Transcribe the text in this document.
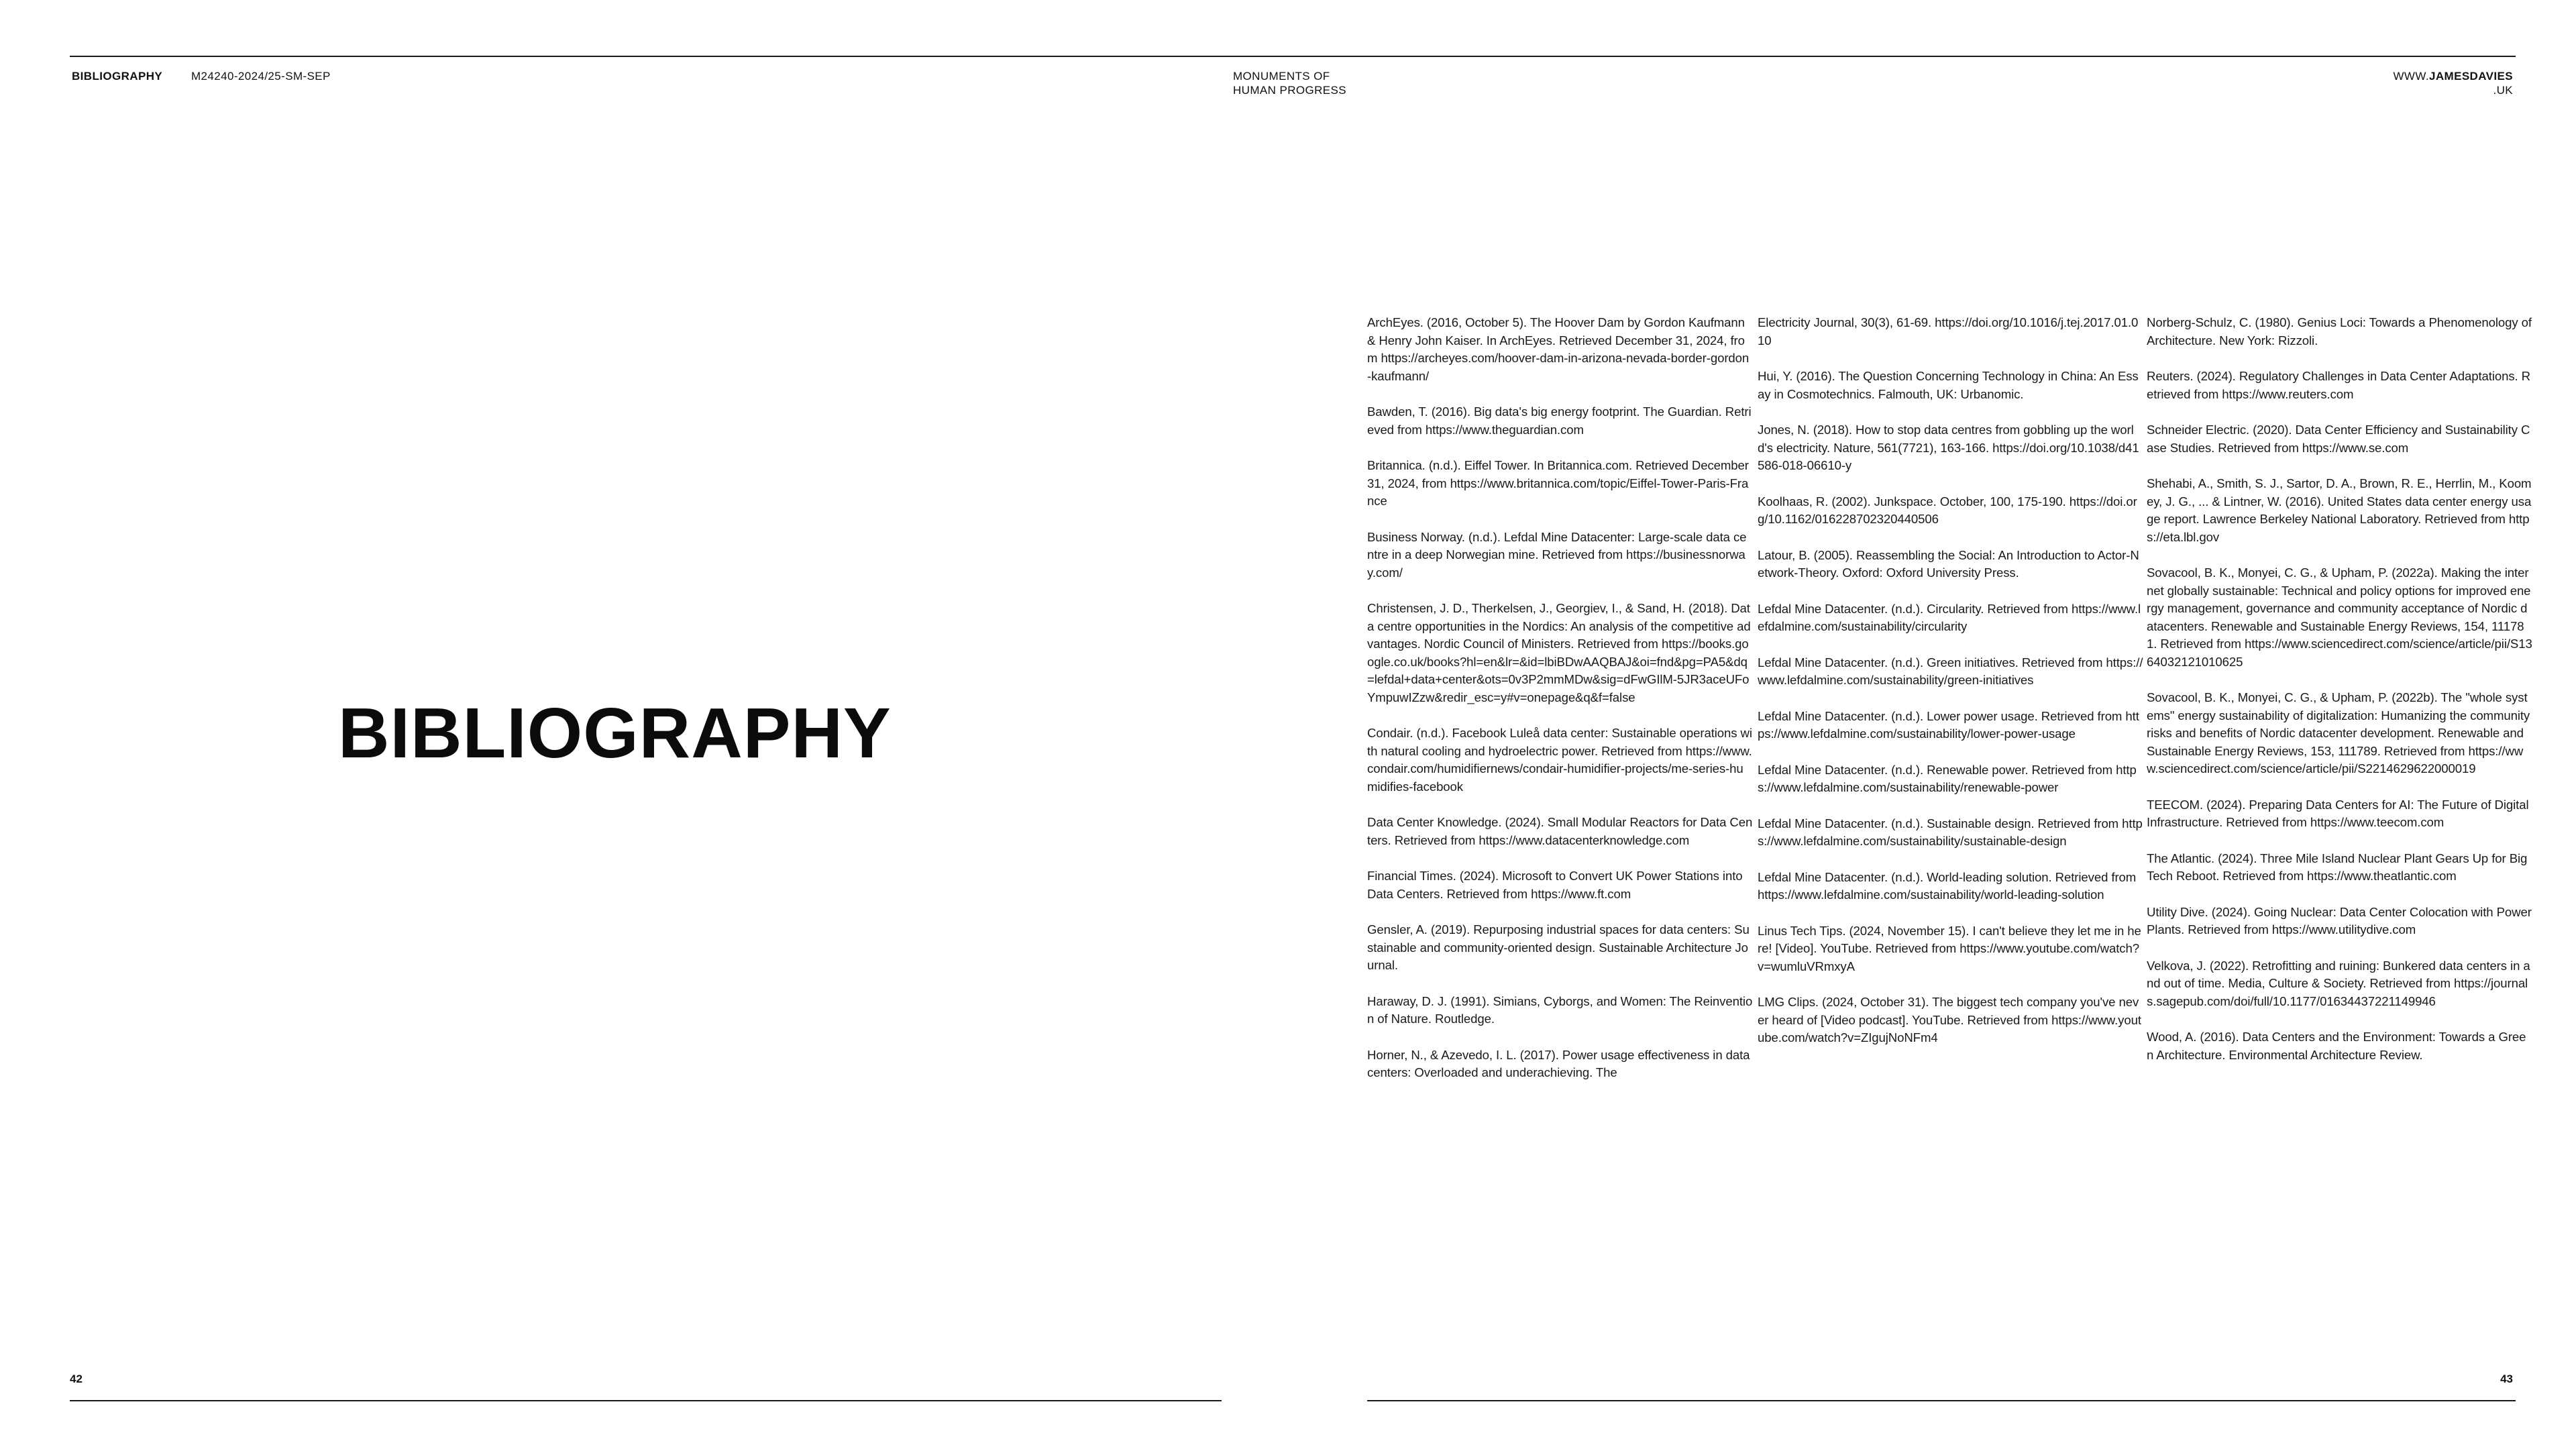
BIBLIOGRAPHY	M24240-2024/25-SM-SEP	MONUMENTS OF
HUMAN PROGRESS
WWW.JAMESDAVIES
.UK
BIBLIOGRAPHY

ArchEyes. (2016, October 5). The Hoover Dam by Gordon Kaufmann & Henry John Kaiser. In ArchEyes. Retrieved December 31, 2024, from https://archeyes.com/hoover-dam-in-arizona-nevada-border-gordon-kaufmann/

Bawden, T. (2016). Big data's big energy footprint. The Guardian. Retrieved from https://www.theguardian.com

Britannica. (n.d.). Eiffel Tower. In Britannica.com. Retrieved December 31, 2024, from https://www.britannica.com/topic/Eiffel-Tower-Paris-France

Business Norway. (n.d.). Lefdal Mine Datacenter: Large-scale data centre in a deep Norwegian mine. Retrieved from https://businessnorway.com/

Christensen, J. D., Therkelsen, J., Georgiev, I., & Sand, H. (2018). Data centre opportunities in the Nordics: An analysis of the competitive advantages. Nordic Council of Ministers. Retrieved from https://books.google.co.uk/books?hl=en&lr=&id=lbiBDwAAQBAJ&oi=fnd&pg=PA5&dq=lefdal+data+center&ots=0v3P2mmMDw&sig=dFwGIlM-5JR3aceUFoYmpuwIZzw&redir_esc=y#v=onepage&q&f=false

Condair. (n.d.). Facebook Luleå data center: Sustainable operations with natural cooling and hydroelectric power. Retrieved from https://www.condair.com/humidifiernews/condair-humidifier-projects/me-series-humidifies-facebook

Data Center Knowledge. (2024). Small Modular Reactors for Data Centers. Retrieved from https://www.datacenterknowledge.com

Financial Times. (2024). Microsoft to Convert UK Power Stations into Data Centers. Retrieved from https://www.ft.com

Gensler, A. (2019). Repurposing industrial spaces for data centers: Sustainable and community-oriented design. Sustainable Architecture Journal.

Haraway, D. J. (1991). Simians, Cyborgs, and Women: The Reinvention of Nature. Routledge.

Horner, N., & Azevedo, I. L. (2017). Power usage effectiveness in data centers: Overloaded and underachieving. The

Electricity Journal, 30(3), 61-69. https://doi.org/10.1016/j.tej.2017.01.010

Hui, Y. (2016). The Question Concerning Technology in China: An Essay in Cosmotechnics. Falmouth, UK: Urbanomic.

Jones, N. (2018). How to stop data centres from gobbling up the world's electricity. Nature, 561(7721), 163-166. https://doi.org/10.1038/d41586-018-06610-y

Koolhaas, R. (2002). Junkspace. October, 100, 175-190. https://doi.org/10.1162/016228702320440506

Latour, B. (2005). Reassembling the Social: An Introduction to Actor-Network-Theory. Oxford: Oxford University Press.

Lefdal Mine Datacenter. (n.d.). Circularity. Retrieved from https://www.lefdalmine.com/sustainability/circularity

Lefdal Mine Datacenter. (n.d.). Green initiatives. Retrieved from https://www.lefdalmine.com/sustainability/green-initiatives

Lefdal Mine Datacenter. (n.d.). Lower power usage. Retrieved from https://www.lefdalmine.com/sustainability/lower-power-usage

Lefdal Mine Datacenter. (n.d.). Renewable power. Retrieved from https://www.lefdalmine.com/sustainability/renewable-power

Lefdal Mine Datacenter. (n.d.). Sustainable design. Retrieved from https://www.lefdalmine.com/sustainability/sustainable-design

Lefdal Mine Datacenter. (n.d.). World-leading solution. Retrieved from https://www.lefdalmine.com/sustainability/world-leading-solution

Linus Tech Tips. (2024, November 15). I can't believe they let me in here! [Video]. YouTube. Retrieved from https://www.youtube.com/watch?v=wumluVRmxyA

LMG Clips. (2024, October 31). The biggest tech company you've never heard of [Video podcast]. YouTube. Retrieved from https://www.youtube.com/watch?v=ZIgujNoNFm4

Norberg-Schulz, C. (1980). Genius Loci: Towards a Phenomenology of Architecture. New York: Rizzoli.

Reuters. (2024). Regulatory Challenges in Data Center Adaptations. Retrieved from https://www.reuters.com

Schneider Electric. (2020). Data Center Efficiency and Sustainability Case Studies. Retrieved from https://www.se.com

Shehabi, A., Smith, S. J., Sartor, D. A., Brown, R. E., Herrlin, M., Koomey, J. G., ... & Lintner, W. (2016). United States data center energy usage report. Lawrence Berkeley National Laboratory. Retrieved from https://eta.lbl.gov

Sovacool, B. K., Monyei, C. G., & Upham, P. (2022a). Making the internet globally sustainable: Technical and policy options for improved energy management, governance and community acceptance of Nordic datacenters. Renewable and Sustainable Energy Reviews, 154, 111781. Retrieved from https://www.sciencedirect.com/science/article/pii/S1364032121010625

Sovacool, B. K., Monyei, C. G., & Upham, P. (2022b). The "whole systems" energy sustainability of digitalization: Humanizing the community risks and benefits of Nordic datacenter development. Renewable and Sustainable Energy Reviews, 153, 111789. Retrieved from https://www.sciencedirect.com/science/article/pii/S2214629622000019

TEECOM. (2024). Preparing Data Centers for AI: The Future of Digital Infrastructure. Retrieved from https://www.teecom.com

The Atlantic. (2024). Three Mile Island Nuclear Plant Gears Up for Big Tech Reboot. Retrieved from https://www.theatlantic.com

Utility Dive. (2024). Going Nuclear: Data Center Colocation with Power Plants. Retrieved from https://www.utilitydive.com

Velkova, J. (2022). Retrofitting and ruining: Bunkered data centers in and out of time. Media, Culture & Society. Retrieved from https://journals.sagepub.com/doi/full/10.1177/01634437221149946

Wood, A. (2016). Data Centers and the Environment: Towards a Green Architecture. Environmental Architecture Review.

42	43
